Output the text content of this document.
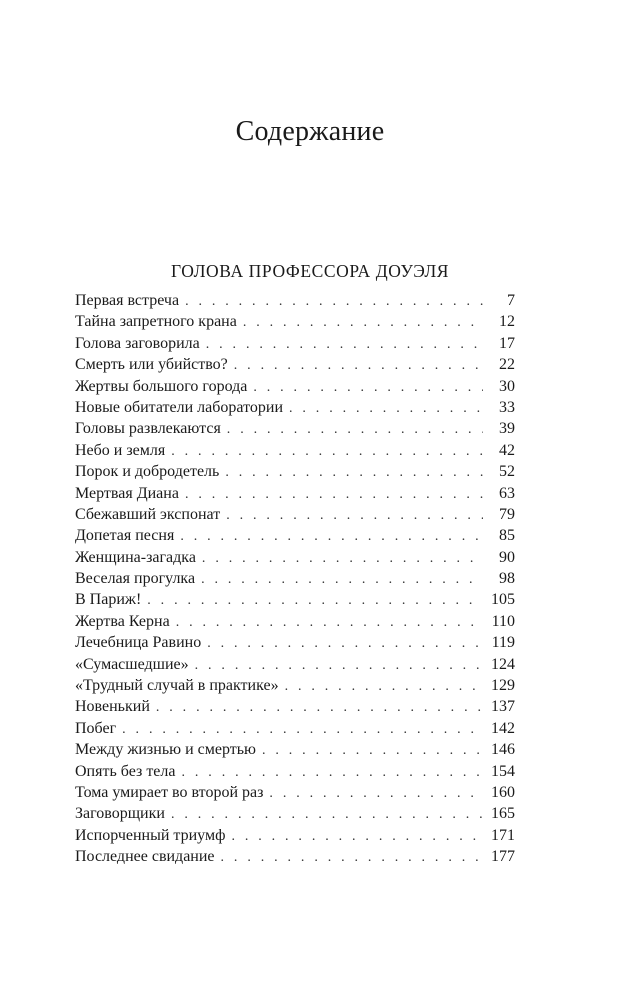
Содержание
ГОЛОВА ПРОФЕССОРА ДОУЭЛЯ
Первая встреча . . .	7
Тайна запретного крана . . .	12
Голова заговорила . . .	17
Смерть или убийство? . . .	22
Жертвы большого города . . .	30
Новые обитатели лаборатории . . .	33
Головы развлекаются . . .	39
Небо и земля . . .	42
Порок и добродетель . . .	52
Мертвая Диана . . .	63
Сбежавший экспонат . . .	79
Допетая песня . . .	85
Женщина-загадка . . .	90
Веселая прогулка . . .	98
В Париж! . . .	105
Жертва Керна . . .	110
Лечебница Равино . . .	119
«Сумасшедшие» . . .	124
«Трудный случай в практике» . . .	129
Новенький . . .	137
Побег . . .	142
Между жизнью и смертью . . .	146
Опять без тела . . .	154
Тома умирает во второй раз . . .	160
Заговорщики . . .	165
Испорченный триумф . . .	171
Последнее свидание . . .	177
